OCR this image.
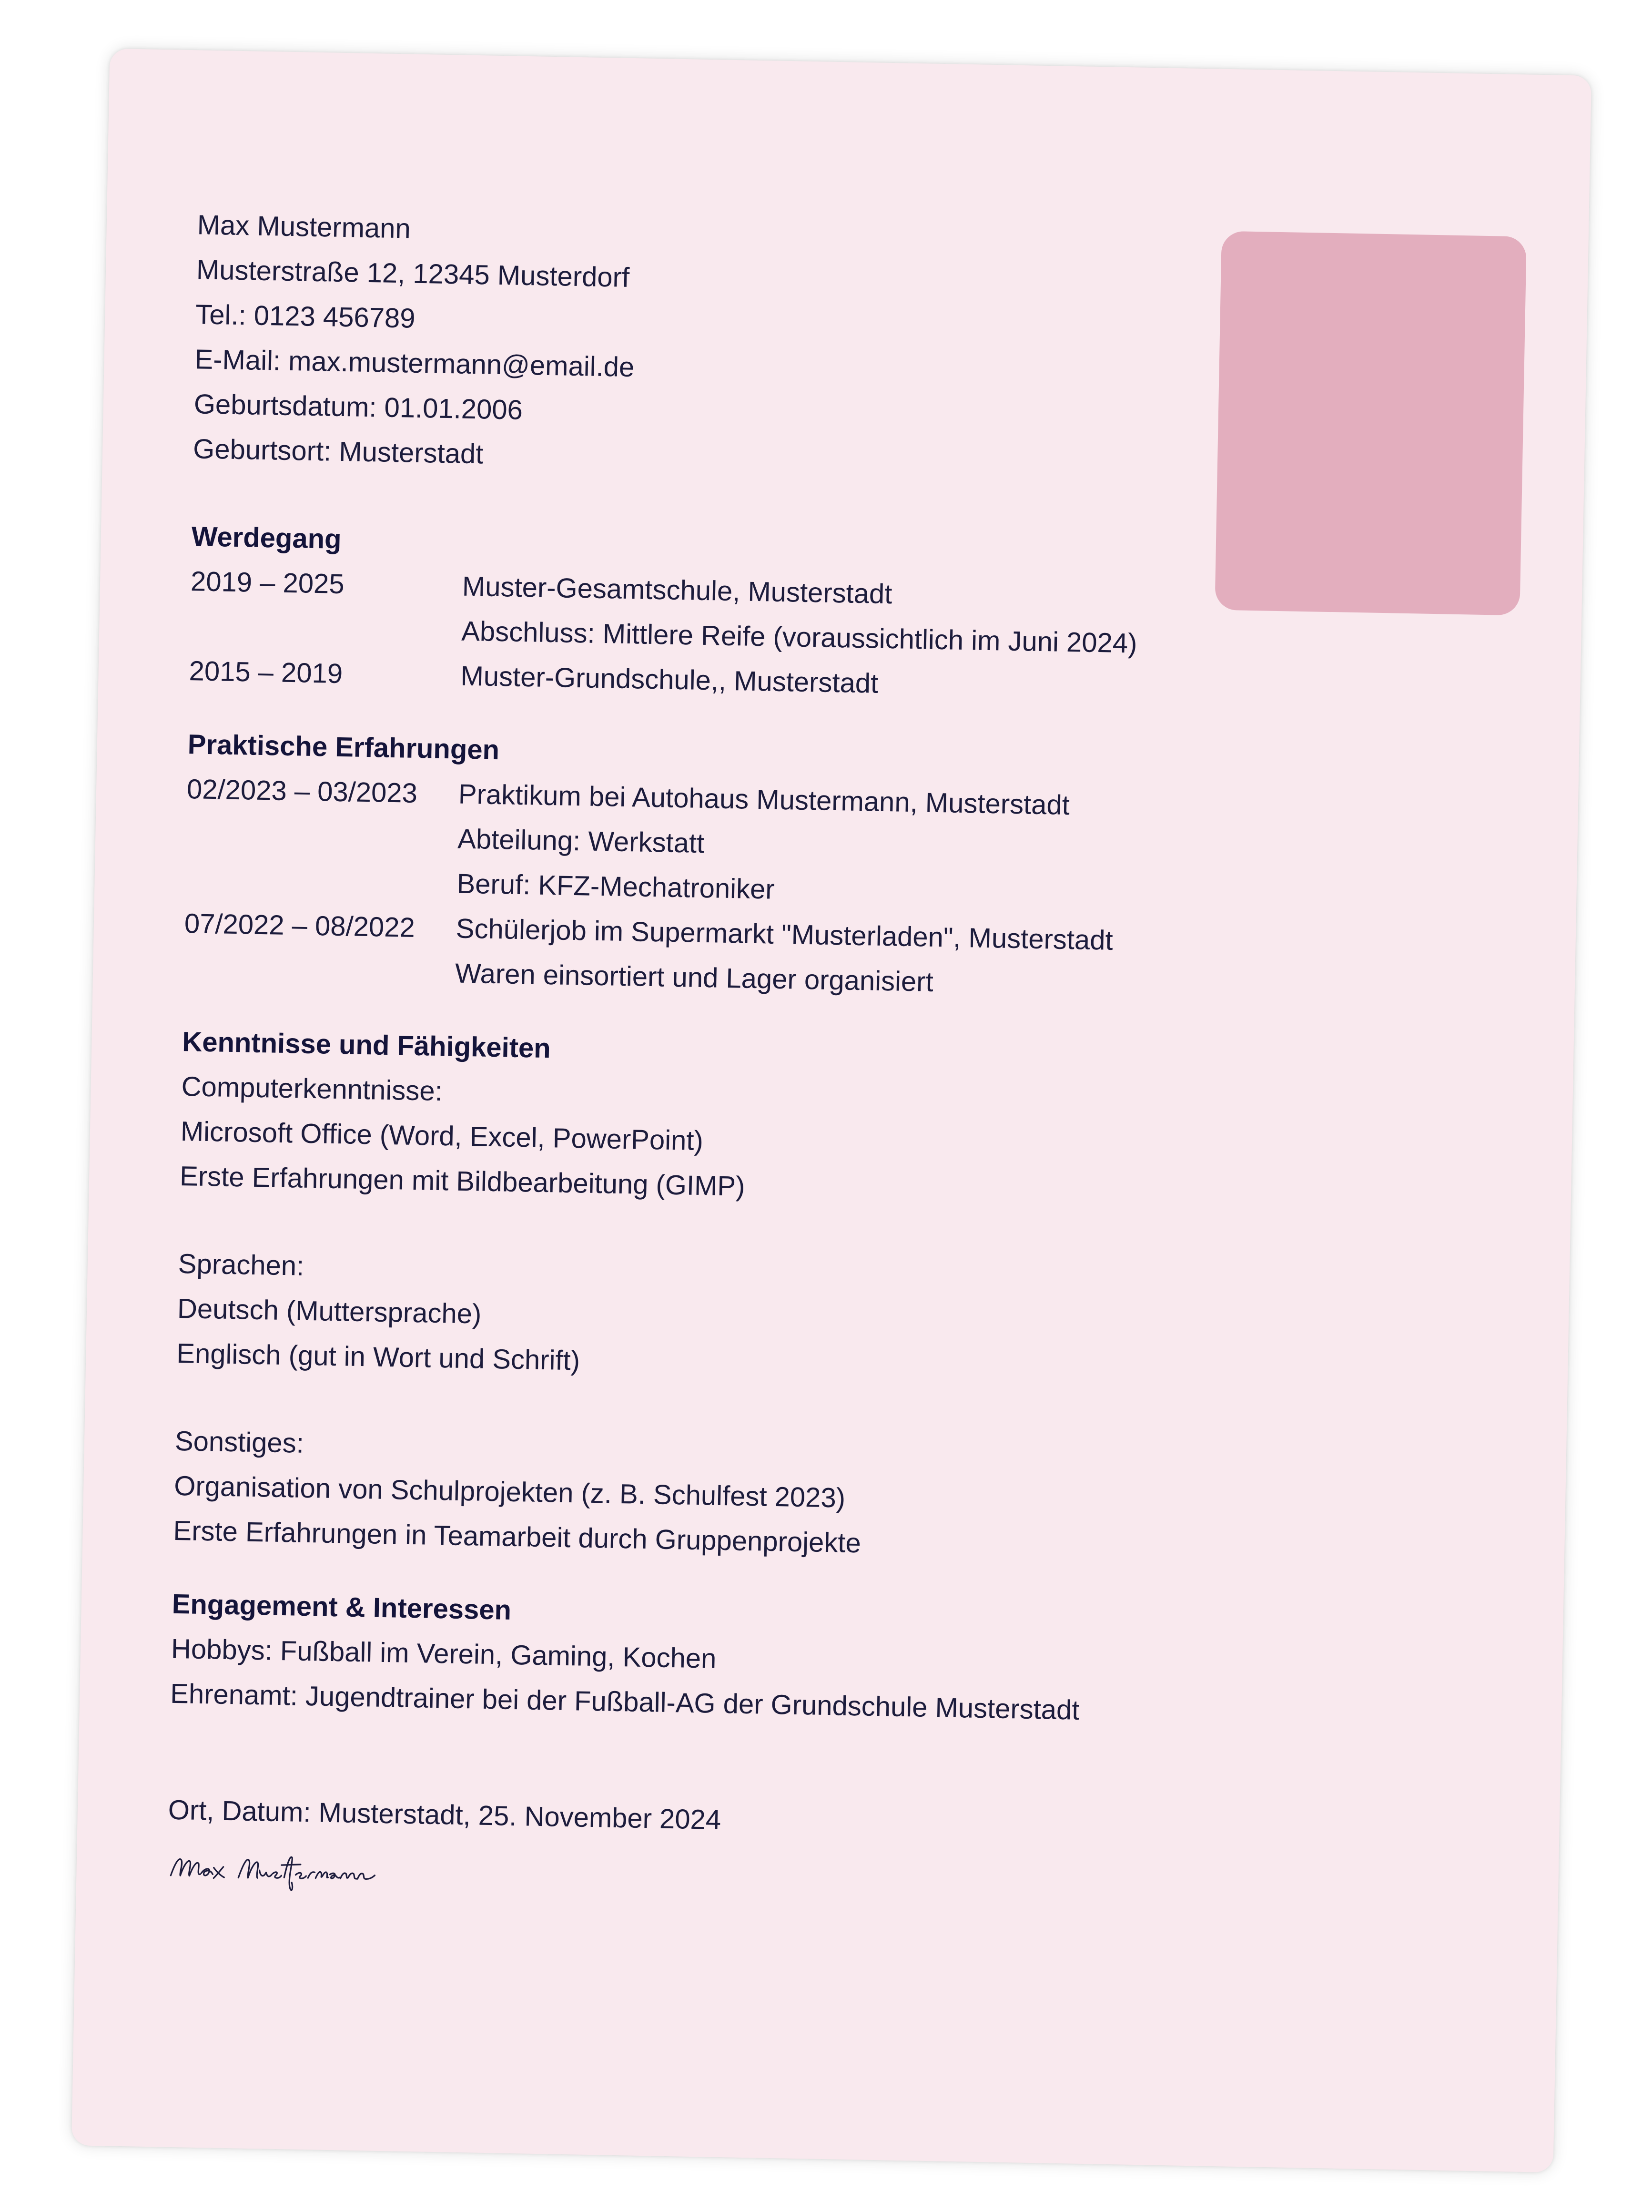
Max Mustermann
Musterstraße 12, 12345 Musterdorf
Tel.: 0123 456789
E-Mail: max.mustermann@email.de
Geburtsdatum: 01.01.2006
Geburtsort: Musterstadt
Werdegang
2019 – 2025	Muster-Gesamtschule, Musterstadt
Abschluss: Mittlere Reife (voraussichtlich im Juni 2024)
2015 – 2019	Muster-Grundschule,, Musterstadt
Praktische Erfahrungen
02/2023 – 03/2023	Praktikum bei Autohaus Mustermann, Musterstadt
Abteilung: Werkstatt
Beruf: KFZ-Mechatroniker
07/2022 – 08/2022	Schülerjob im Supermarkt "Musterladen", Musterstadt
Waren einsortiert und Lager organisiert
Kenntnisse und Fähigkeiten
Computerkenntnisse:
Microsoft Office (Word, Excel, PowerPoint)
Erste Erfahrungen mit Bildbearbeitung (GIMP)
Sprachen:
Deutsch (Muttersprache)
Englisch (gut in Wort und Schrift)
Sonstiges:
Organisation von Schulprojekten (z. B. Schulfest 2023)
Erste Erfahrungen in Teamarbeit durch Gruppenprojekte
Engagement & Interessen
Hobbys: Fußball im Verein, Gaming, Kochen
Ehrenamt: Jugendtrainer bei der Fußball-AG der Grundschule Musterstadt
Ort, Datum: Musterstadt, 25. November 2024
